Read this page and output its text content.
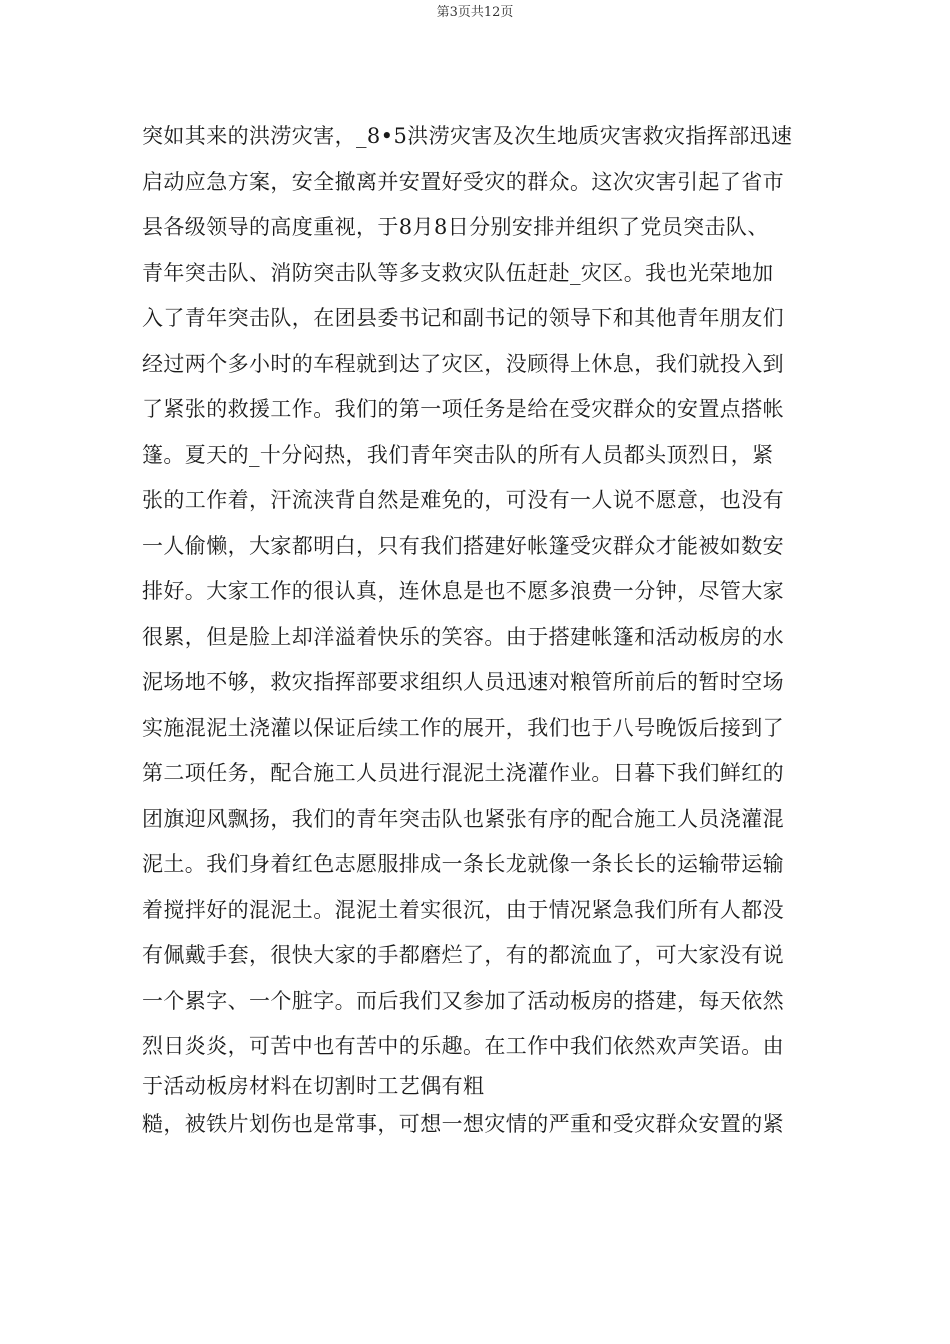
第3页共12页
突如其来的洪涝灾害，_8•5洪涝灾害及次生地质灾害救灾指挥部迅速
启动应急方案，安全撤离并安置好受灾的群众。这次灾害引起了省市
县各级领导的高度重视，于8月8日分别安排并组织了党员突击队、
青年突击队、消防突击队等多支救灾队伍赶赴_灾区。我也光荣地加
入了青年突击队，在团县委书记和副书记的领导下和其他青年朋友们
经过两个多小时的车程就到达了灾区，没顾得上休息，我们就投入到
了紧张的救援工作。我们的第一项任务是给在受灾群众的安置点搭帐
篷。夏天的_十分闷热，我们青年突击队的所有人员都头顶烈日，紧
张的工作着，汗流浃背自然是难免的，可没有一人说不愿意，也没有
一人偷懒，大家都明白，只有我们搭建好帐篷受灾群众才能被如数安
排好。大家工作的很认真，连休息是也不愿多浪费一分钟，尽管大家
很累，但是脸上却洋溢着快乐的笑容。由于搭建帐篷和活动板房的水
泥场地不够，救灾指挥部要求组织人员迅速对粮管所前后的暂时空场
实施混泥土浇灌以保证后续工作的展开，我们也于八号晚饭后接到了
第二项任务，配合施工人员进行混泥土浇灌作业。日暮下我们鲜红的
团旗迎风飘扬，我们的青年突击队也紧张有序的配合施工人员浇灌混
泥土。我们身着红色志愿服排成一条长龙就像一条长长的运输带运输
着搅拌好的混泥土。混泥土着实很沉，由于情况紧急我们所有人都没
有佩戴手套，很快大家的手都磨烂了，有的都流血了，可大家没有说
一个累字、一个脏字。而后我们又参加了活动板房的搭建，每天依然
烈日炎炎，可苦中也有苦中的乐趣。在工作中我们依然欢声笑语。由
于活动板房材料在切割时工艺偶有粗
糙，被铁片划伤也是常事，可想一想灾情的严重和受灾群众安置的紧
